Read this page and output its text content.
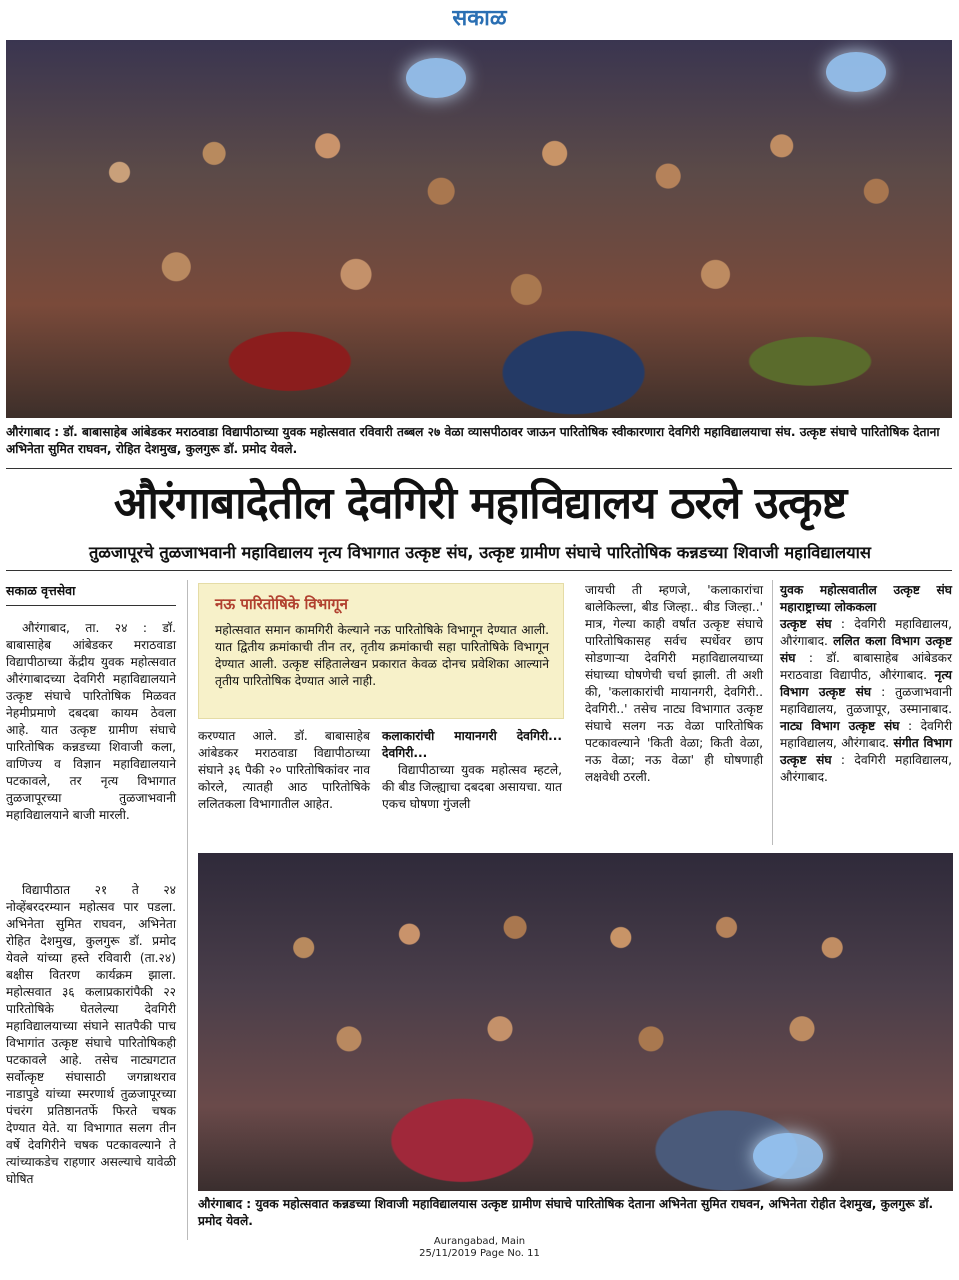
सकाळ
औरंगाबाद : डॉ. बाबासाहेब आंबेडकर मराठवाडा विद्यापीठाच्या युवक महोत्सवात रविवारी तब्बल २७ वेळा व्यासपीठावर जाऊन पारितोषिक स्वीकारणारा देवगिरी महाविद्यालयाचा संघ. उत्कृष्ट संघाचे पारितोषिक देताना अभिनेता सुमित राघवन, रोहित देशमुख, कुलगुरू डॉ. प्रमोद येवले.
औरंगाबादेतील देवगिरी महाविद्यालय ठरले उत्कृष्ट
तुळजापूरचे तुळजाभवानी महाविद्यालय नृत्य विभागात उत्कृष्ट संघ, उत्कृष्ट ग्रामीण संघाचे पारितोषिक कन्नडच्या शिवाजी महाविद्यालयास
सकाळ वृत्तसेवा
औरंगाबाद, ता. २४ : डॉ. बाबासाहेब आंबेडकर मराठवाडा विद्यापीठाच्या केंद्रीय युवक महोत्सवात औरंगाबादच्या देवगिरी महाविद्यालयाने उत्कृष्ट संघाचे पारितोषिक मिळवत नेहमीप्रमाणे दबदबा कायम ठेवला आहे. यात उत्कृष्ट ग्रामीण संघाचे पारितोषिक कन्नडच्या शिवाजी कला, वाणिज्य व विज्ञान महाविद्यालयाने पटकावले, तर नृत्य विभागात तुळजापूरच्या तुळजाभवानी महाविद्यालयाने बाजी मारली.
विद्यापीठात २१ ते २४ नोव्हेंबरदरम्यान महोत्सव पार पडला. अभिनेता सुमित राघवन, अभिनेता रोहित देशमुख, कुलगुरू डॉ. प्रमोद येवले यांच्या हस्ते रविवारी (ता.२४) बक्षीस वितरण कार्यक्रम झाला. महोत्सवात ३६ कलाप्रकारांपैकी २२ पारितोषिके घेतलेल्या देवगिरी महाविद्यालयाच्या संघाने सातपैकी पाच विभागांत उत्कृष्ट संघाचे पारितोषिकही पटकावले आहे. तसेच नाट्यगटात सर्वोत्कृष्ट संघासाठी जगन्नाथराव नाडापुडे यांच्या स्मरणार्थ तुळजापूरच्या पंचरंग प्रतिष्ठानतर्फे फिरते चषक देण्यात येते. या विभागात सलग तीन वर्षे देवगिरीने चषक पटकावल्याने ते त्यांच्याकडेच राहणार असल्याचे यावेळी घोषित
नऊ पारितोषिके विभागून
महोत्सवात समान कामगिरी केल्याने नऊ पारितोषिके विभागून देण्यात आली. यात द्वितीय क्रमांकाची तीन तर, तृतीय क्रमांकाची सहा पारितोषिके विभागून देण्यात आली. उत्कृष्ट संहितालेखन प्रकारात केवळ दोनच प्रवेशिका आल्याने तृतीय पारितोषिक देण्यात आले नाही.
करण्यात आले. डॉ. बाबासाहेब आंबेडकर मराठवाडा विद्यापीठाच्या संघाने ३६ पैकी २० पारितोषिकांवर नाव कोरले, त्यातही आठ पारितोषिके ललितकला विभागातील आहेत.
कलाकारांची मायानगरी देवगिरी... देवगिरी...
विद्यापीठाच्या युवक महोत्सव म्हटले, की बीड जिल्ह्याचा दबदबा असायचा. यात एकच घोषणा गुंजली
जायची ती म्हणजे, 'कलाकारांचा बालेकिल्ला, बीड जिल्हा.. बीड जिल्हा..' मात्र, गेल्या काही वर्षांत उत्कृष्ट संघाचे पारितोषिकासह सर्वच स्पर्धेवर छाप सोडणाऱ्या देवगिरी महाविद्यालयाच्या संघाच्या घोषणेची चर्चा झाली. ती अशी की, 'कलाकारांची मायानगरी, देवगिरी.. देवगिरी..' तसेच नाट्य विभागात उत्कृष्ट संघाचे सलग नऊ वेळा पारितोषिक पटकावल्याने 'किती वेळा; किती वेळा, नऊ वेळा; नऊ वेळा' ही घोषणाही लक्षवेधी ठरली.
युवक महोत्सवातील उत्कृष्ट संघ महाराष्ट्राच्या लोककला
उत्कृष्ट संघ : देवगिरी महाविद्यालय, औरंगाबाद. ललित कला विभाग उत्कृष्ट संघ : डॉ. बाबासाहेब आंबेडकर मराठवाडा विद्यापीठ, औरंगाबाद. नृत्य विभाग उत्कृष्ट संघ : तुळजाभवानी महाविद्यालय, तुळजापूर, उस्मानाबाद. नाट्य विभाग उत्कृष्ट संघ : देवगिरी महाविद्यालय, औरंगाबाद. संगीत विभाग उत्कृष्ट संघ : देवगिरी महाविद्यालय, औरंगाबाद.
औरंगाबाद : युवक महोत्सवात कन्नडच्या शिवाजी महाविद्यालयास उत्कृष्ट ग्रामीण संघाचे पारितोषिक देताना अभिनेता सुमित राघवन, अभिनेता रोहीत देशमुख, कुलगुरू डॉ. प्रमोद येवले.
Aurangabad, Main
25/11/2019 Page No. 11
